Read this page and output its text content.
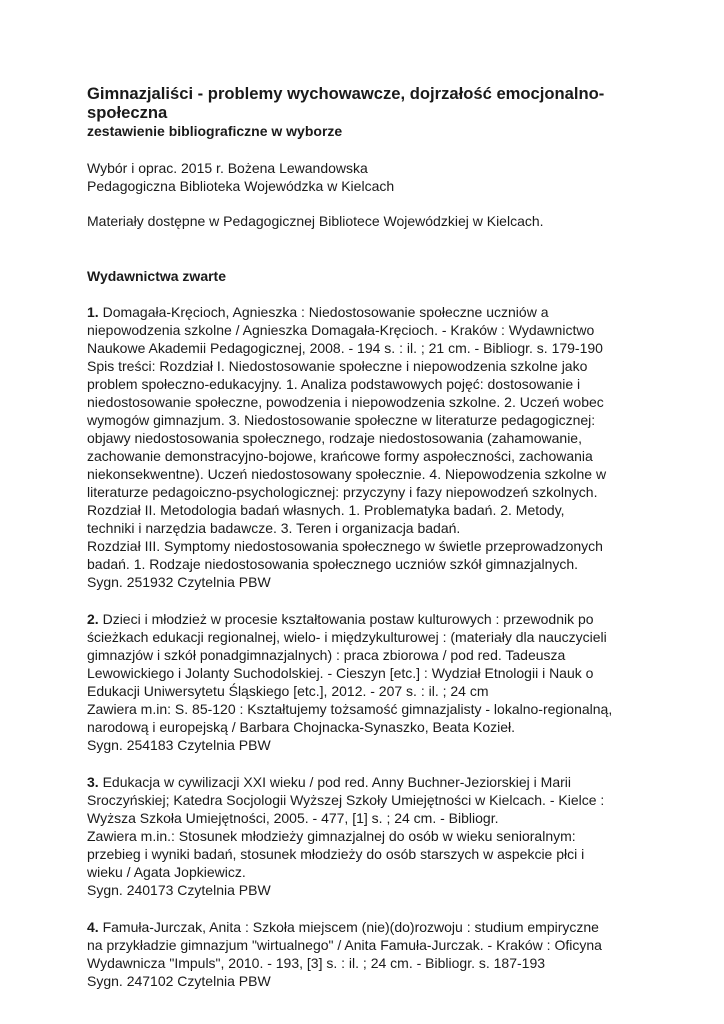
Gimnazjaliści - problemy wychowawcze, dojrzałość emocjonalno-
społeczna
zestawienie bibliograficzne w wyborze
Wybór i oprac. 2015 r. Bożena Lewandowska
Pedagogiczna Biblioteka Wojewódzka w Kielcach
Materiały dostępne w Pedagogicznej Bibliotece Wojewódzkiej w Kielcach.
Wydawnictwa zwarte
1. Domagała-Kręcioch, Agnieszka : Niedostosowanie społeczne uczniów a
niepowodzenia szkolne / Agnieszka Domagała-Kręcioch. - Kraków : Wydawnictwo
Naukowe Akademii Pedagogicznej, 2008. - 194 s. : il. ; 21 cm. - Bibliogr. s. 179-190
Spis treści: Rozdział I. Niedostosowanie społeczne i niepowodzenia szkolne jako
problem społeczno-edukacyjny. 1. Analiza podstawowych pojęć: dostosowanie i
niedostosowanie społeczne, powodzenia i niepowodzenia szkolne. 2. Uczeń wobec
wymogów gimnazjum. 3. Niedostosowanie społeczne w literaturze pedagogicznej:
objawy niedostosowania społecznego, rodzaje niedostosowania (zahamowanie,
zachowanie demonstracyjno-bojowe, krańcowe formy aspołeczności, zachowania
niekonsekwentne). Uczeń niedostosowany społecznie. 4. Niepowodzenia szkolne w
literaturze pedagoiczno-psychologicznej: przyczyny i fazy niepowodzeń szkolnych.
Rozdział II. Metodologia badań własnych. 1. Problematyka badań. 2. Metody,
techniki i narzędzia badawcze. 3. Teren i organizacja badań.
Rozdział III. Symptomy niedostosowania społecznego w świetle przeprowadzonych
badań. 1. Rodzaje niedostosowania społecznego uczniów szkół gimnazjalnych.
Sygn. 251932 Czytelnia PBW
2. Dzieci i młodzież w procesie kształtowania postaw kulturowych : przewodnik po
ścieżkach edukacji regionalnej, wielo- i międzykulturowej : (materiały dla nauczycieli
gimnazjów i szkół ponadgimnazjalnych) : praca zbiorowa / pod red. Tadeusza
Lewowickiego i Jolanty Suchodolskiej. - Cieszyn [etc.] : Wydział Etnologii i Nauk o
Edukacji Uniwersytetu Śląskiego [etc.], 2012. - 207 s. : il. ; 24 cm
Zawiera m.in: S. 85-120 : Kształtujemy tożsamość gimnazjalisty - lokalno-regionalną,
narodową i europejską / Barbara Chojnacka-Synaszko, Beata Kozieł.
Sygn. 254183 Czytelnia PBW
3. Edukacja w cywilizacji XXI wieku / pod red. Anny Buchner-Jeziorskiej i Marii
Sroczyńskiej; Katedra Socjologii Wyższej Szkoły Umiejętności w Kielcach. - Kielce :
Wyższa Szkoła Umiejętności, 2005. - 477, [1] s. ; 24 cm. - Bibliogr.
Zawiera m.in.: Stosunek młodzieży gimnazjalnej do osób w wieku senioralnym:
przebieg i wyniki badań, stosunek młodzieży do osób starszych w aspekcie płci i
wieku / Agata Jopkiewicz.
Sygn. 240173 Czytelnia PBW
4. Famuła-Jurczak, Anita : Szkoła miejscem (nie)(do)rozwoju : studium empiryczne
na przykładzie gimnazjum "wirtualnego" / Anita Famuła-Jurczak. - Kraków : Oficyna
Wydawnicza "Impuls", 2010. - 193, [3] s. : il. ; 24 cm. - Bibliogr. s. 187-193
Sygn. 247102 Czytelnia PBW
